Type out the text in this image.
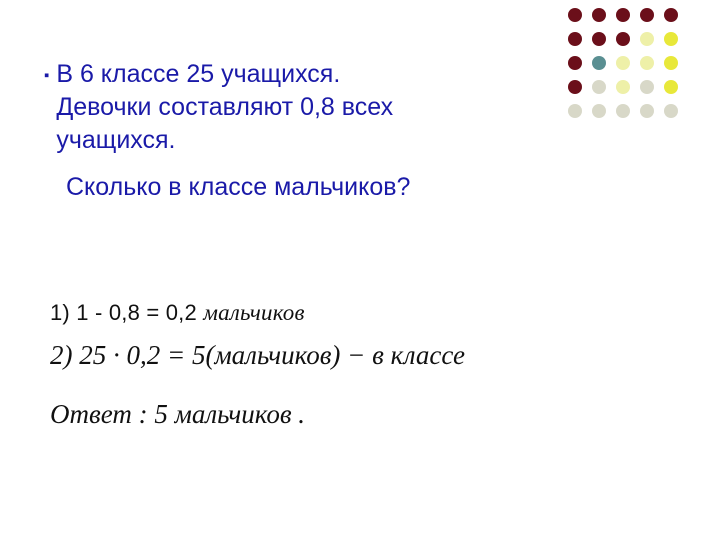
▪ В 6 классе 25 учащихся.
Девочки составляют 0,8 всех
учащихся.
Сколько в классе мальчиков?
1) 1 - 0,8 = 0,2 мальчиков
2) 25 · 0,2 = 5(мальчиков) − в классе
Ответ : 5 мальчиков .
